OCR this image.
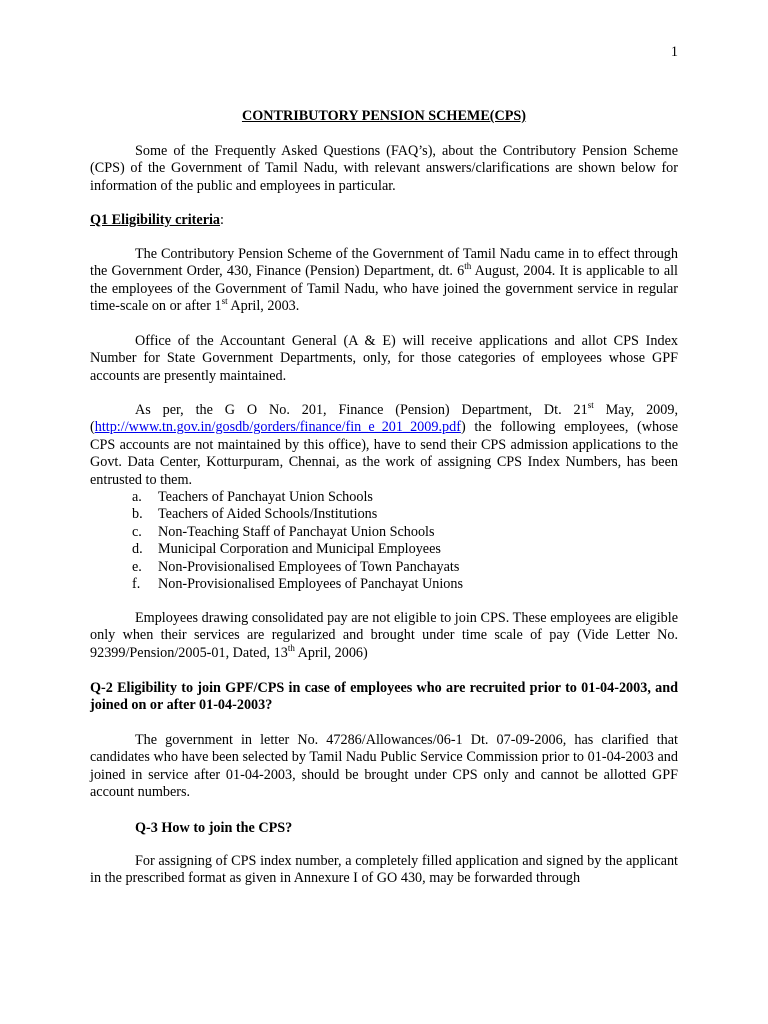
1
CONTRIBUTORY PENSION SCHEME(CPS)
Some of the Frequently Asked Questions (FAQ’s), about the Contributory Pension Scheme (CPS) of the Government of Tamil Nadu, with relevant answers/clarifications are shown below for information of the public and employees in particular.
Q1 Eligibility criteria:
The Contributory Pension Scheme of the Government of Tamil Nadu came in to effect through the Government Order, 430, Finance (Pension) Department, dt. 6th August, 2004. It is applicable to all the employees of the Government of Tamil Nadu, who have joined the government service in regular time-scale on or after 1st April, 2003.
Office of the Accountant General (A & E) will receive applications and allot CPS Index Number for State Government Departments, only, for those categories of employees whose GPF accounts are presently maintained.
As per, the G O No. 201, Finance (Pension) Department, Dt. 21st May, 2009, (http://www.tn.gov.in/gosdb/gorders/finance/fin_e_201_2009.pdf) the following employees, (whose CPS accounts are not maintained by this office), have to send their CPS admission applications to the Govt. Data Center, Kotturpuram, Chennai, as the work of assigning CPS Index Numbers, has been entrusted to them.
a.	Teachers of Panchayat Union Schools
b.	Teachers of Aided Schools/Institutions
c.	Non-Teaching Staff of Panchayat Union Schools
d.	Municipal Corporation and Municipal Employees
e.	Non-Provisionalised Employees of Town Panchayats
f.	Non-Provisionalised Employees of Panchayat Unions
Employees drawing consolidated pay are not eligible to join CPS. These employees are eligible only when their services are regularized and brought under time scale of pay (Vide Letter No. 92399/Pension/2005-01, Dated, 13th April, 2006)
Q-2 Eligibility to join GPF/CPS in case of employees who are recruited prior to 01-04-2003, and joined on or after 01-04-2003?
The government in letter No. 47286/Allowances/06-1 Dt. 07-09-2006, has clarified that candidates who have been selected by Tamil Nadu Public Service Commission prior to 01-04-2003 and joined in service after 01-04-2003, should be brought under CPS only and cannot be allotted GPF account numbers.
Q-3 How to join the CPS?
For assigning of CPS index number, a completely filled application and signed by the applicant in the prescribed format as given in Annexure I of GO 430, may be forwarded through
